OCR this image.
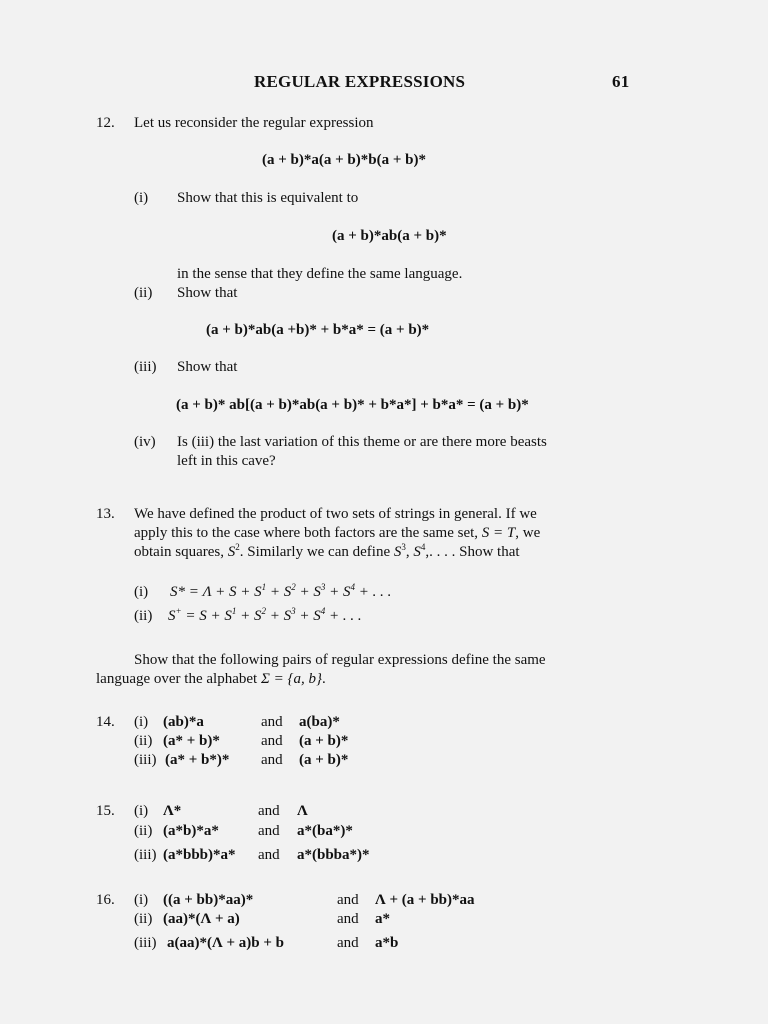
REGULAR EXPRESSIONS	61
12. Let us reconsider the regular expression
(a + b)*a(a + b)*b(a + b)*
(i) Show that this is equivalent to
(a + b)*ab(a + b)*
in the sense that they define the same language.
(ii) Show that
(a + b)*ab(a +b)* + b*a* = (a + b)*
(iii) Show that
(a + b)* ab[(a + b)*ab(a + b)* + b*a*] + b*a* = (a + b)*
(iv) Is (iii) the last variation of this theme or are there more beasts
left in this cave?
13. We have defined the product of two sets of strings in general. If we
apply this to the case where both factors are the same set, S = T, we
obtain squares, $S^2$. Similarly we can define $S^3$, $S^4$,. . . . Show that
(i) $S* = \Lambda + S + S^1 + S^2 + S^3 + S^4$ + . . .
(ii) $S^+ = S + S^1 + S^2 + S^3 + S^4$ + . . .
Show that the following pairs of regular expressions define the same
language over the alphabet Σ = {a, b}.
14. (i) (ab)*a	and a(ba)*
(ii) (a* + b)*	and (a + b)*
(iii) (a* + b*)* and (a + b)*
15. (i) Λ*	and Λ
(ii) (a*b)*a*	and a*(ba*)*
(iii) (a*bbb)*a* and a*(bbba*)*
16. (i) ((a + bb)*aa)*	and Λ + (a + bb)*aa
(ii) (aa)*(Λ + a)	and a*
(iii) a(aa)*(Λ + a)b + b	and a*b
